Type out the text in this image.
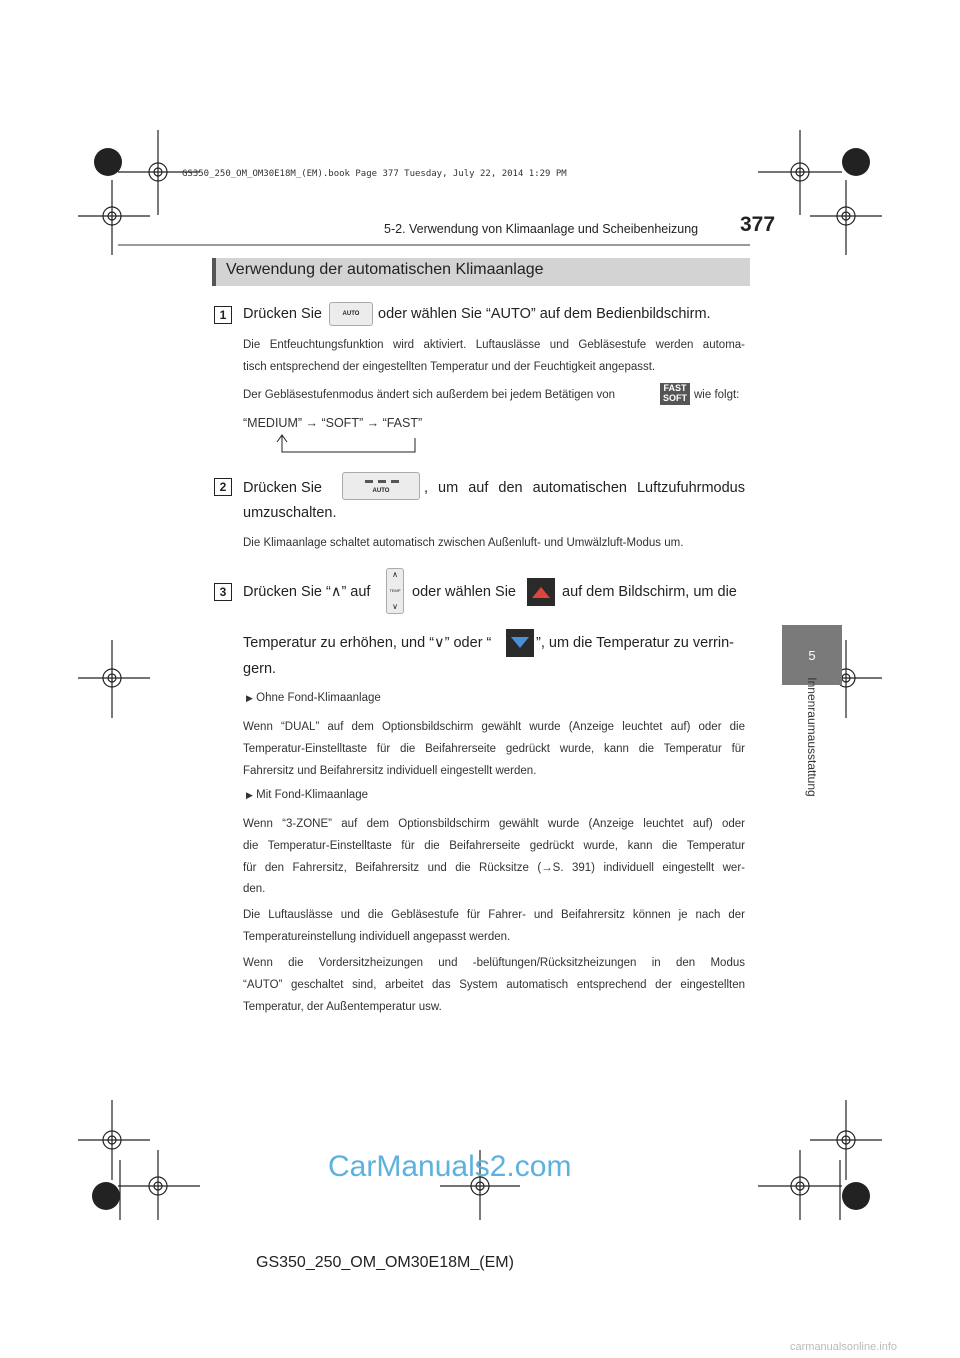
GS350_250_OM_OM30E18M_(EM).book Page 377 Tuesday, July 22, 2014 1:29 PM
5-2. Verwendung von Klimaanlage und Scheibenheizung 377
5
Innenraumausstattung
Verwendung der automatischen Klimaanlage
1	Drücken Sie	AUTO oder wählen Sie “AUTO” auf dem Bedienbildschirm.
Die Entfeuchtungsfunktion wird aktiviert. Luftauslässe und Gebläsestufe werden automa-
tisch entsprechend der eingestellten Temperatur und der Feuchtigkeit angepasst.
Der Gebläsestufenmodus ändert sich außerdem bei jedem Betätigen von
FAST
SOFT wie folgt:
“MEDIUM” → “SOFT” → “FAST”
2	Drücken Sie	AUTO , um auf den automatischen Luftzufuhrmodus
umzuschalten.
Die Klimaanlage schaltet automatisch zwischen Außenluft- und Umwälzluft-Modus um.
3	Drücken Sie “∧” auf
∧
TEMP
∨
oder wählen Sie	auf dem Bildschirm, um die
Temperatur zu erhöhen, und “∨” oder “	”, um die Temperatur zu verrin-
gern.
▶ Ohne Fond-Klimaanlage
Wenn “DUAL” auf dem Optionsbildschirm gewählt wurde (Anzeige leuchtet auf) oder die
Temperatur-Einstelltaste für die Beifahrerseite gedrückt wurde, kann die Temperatur für
Fahrersitz und Beifahrersitz individuell eingestellt werden.
▶ Mit Fond-Klimaanlage
Wenn “3-ZONE” auf dem Optionsbildschirm gewählt wurde (Anzeige leuchtet auf) oder
die Temperatur-Einstelltaste für die Beifahrerseite gedrückt wurde, kann die Temperatur
für den Fahrersitz, Beifahrersitz und die Rücksitze (→S. 391) individuell eingestellt wer-
den.
Die Luftauslässe und die Gebläsestufe für Fahrer- und Beifahrersitz können je nach der
Temperatureinstellung individuell angepasst werden.
Wenn die Vordersitzheizungen und -belüftungen/Rücksitzheizungen in den Modus
“AUTO” geschaltet sind, arbeitet das System automatisch entsprechend der eingestellten
Temperatur, der Außentemperatur usw.
CarManuals2.com
GS350_250_OM_OM30E18M_(EM)
carmanualsonline.info
